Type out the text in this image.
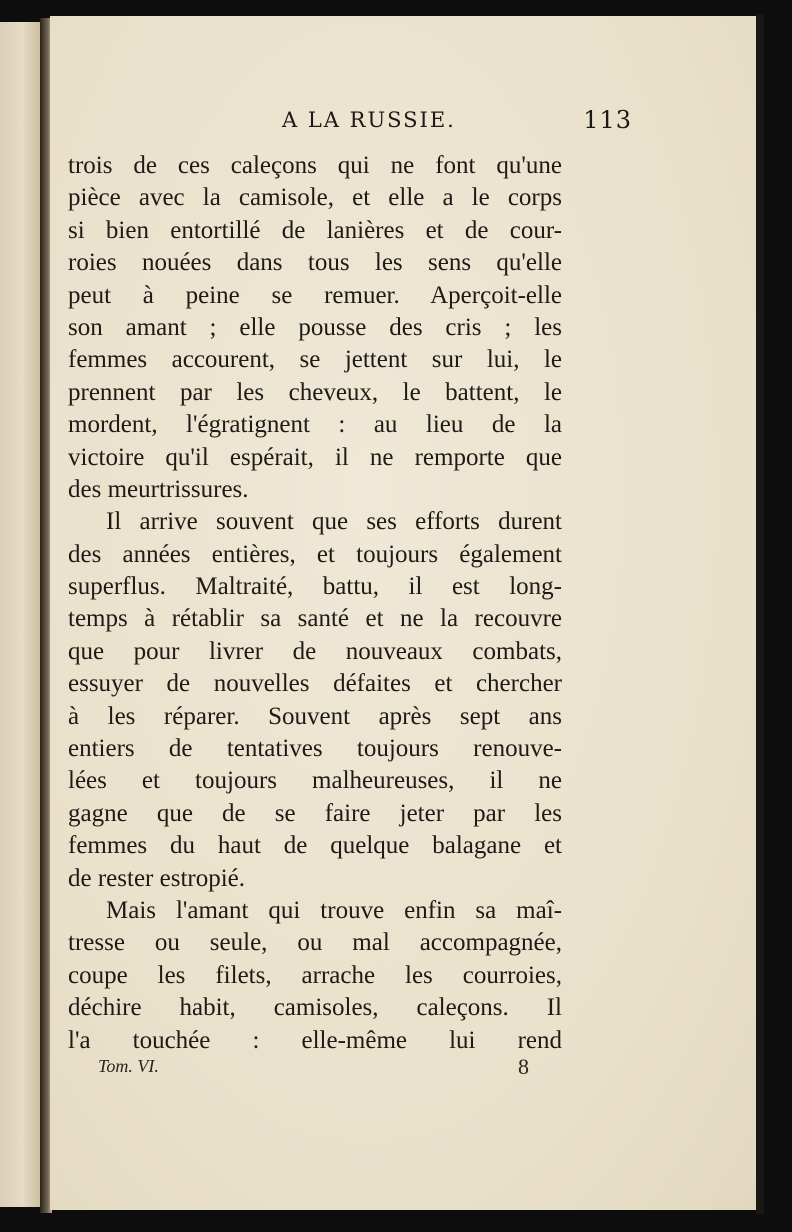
A LA RUSSIE.	113
trois de ces caleçons qui ne font qu'une
pièce avec la camisole, et elle a le corps
si bien entortillé de lanières et de cour-
roies nouées dans tous les sens qu'elle
peut à peine se remuer. Aperçoit-elle
son amant ; elle pousse des cris ; les
femmes accourent, se jettent sur lui, le
prennent par les cheveux, le battent, le
mordent, l'égratignent : au lieu de la
victoire qu'il espérait, il ne remporte que
des meurtrissures.
Il arrive souvent que ses efforts durent
des années entières, et toujours également
superflus. Maltraité, battu, il est long-
temps à rétablir sa santé et ne la recouvre
que pour livrer de nouveaux combats,
essuyer de nouvelles défaites et chercher
à les réparer. Souvent après sept ans
entiers de tentatives toujours renouve-
lées et toujours malheureuses, il ne
gagne que de se faire jeter par les
femmes du haut de quelque balagane et
de rester estropié.
Mais l'amant qui trouve enfin sa maî-
tresse ou seule, ou mal accompagnée,
coupe les filets, arrache les courroies,
déchire habit, camisoles, caleçons. Il
l'a touchée : elle-même lui rend
Tom. VI.	8
